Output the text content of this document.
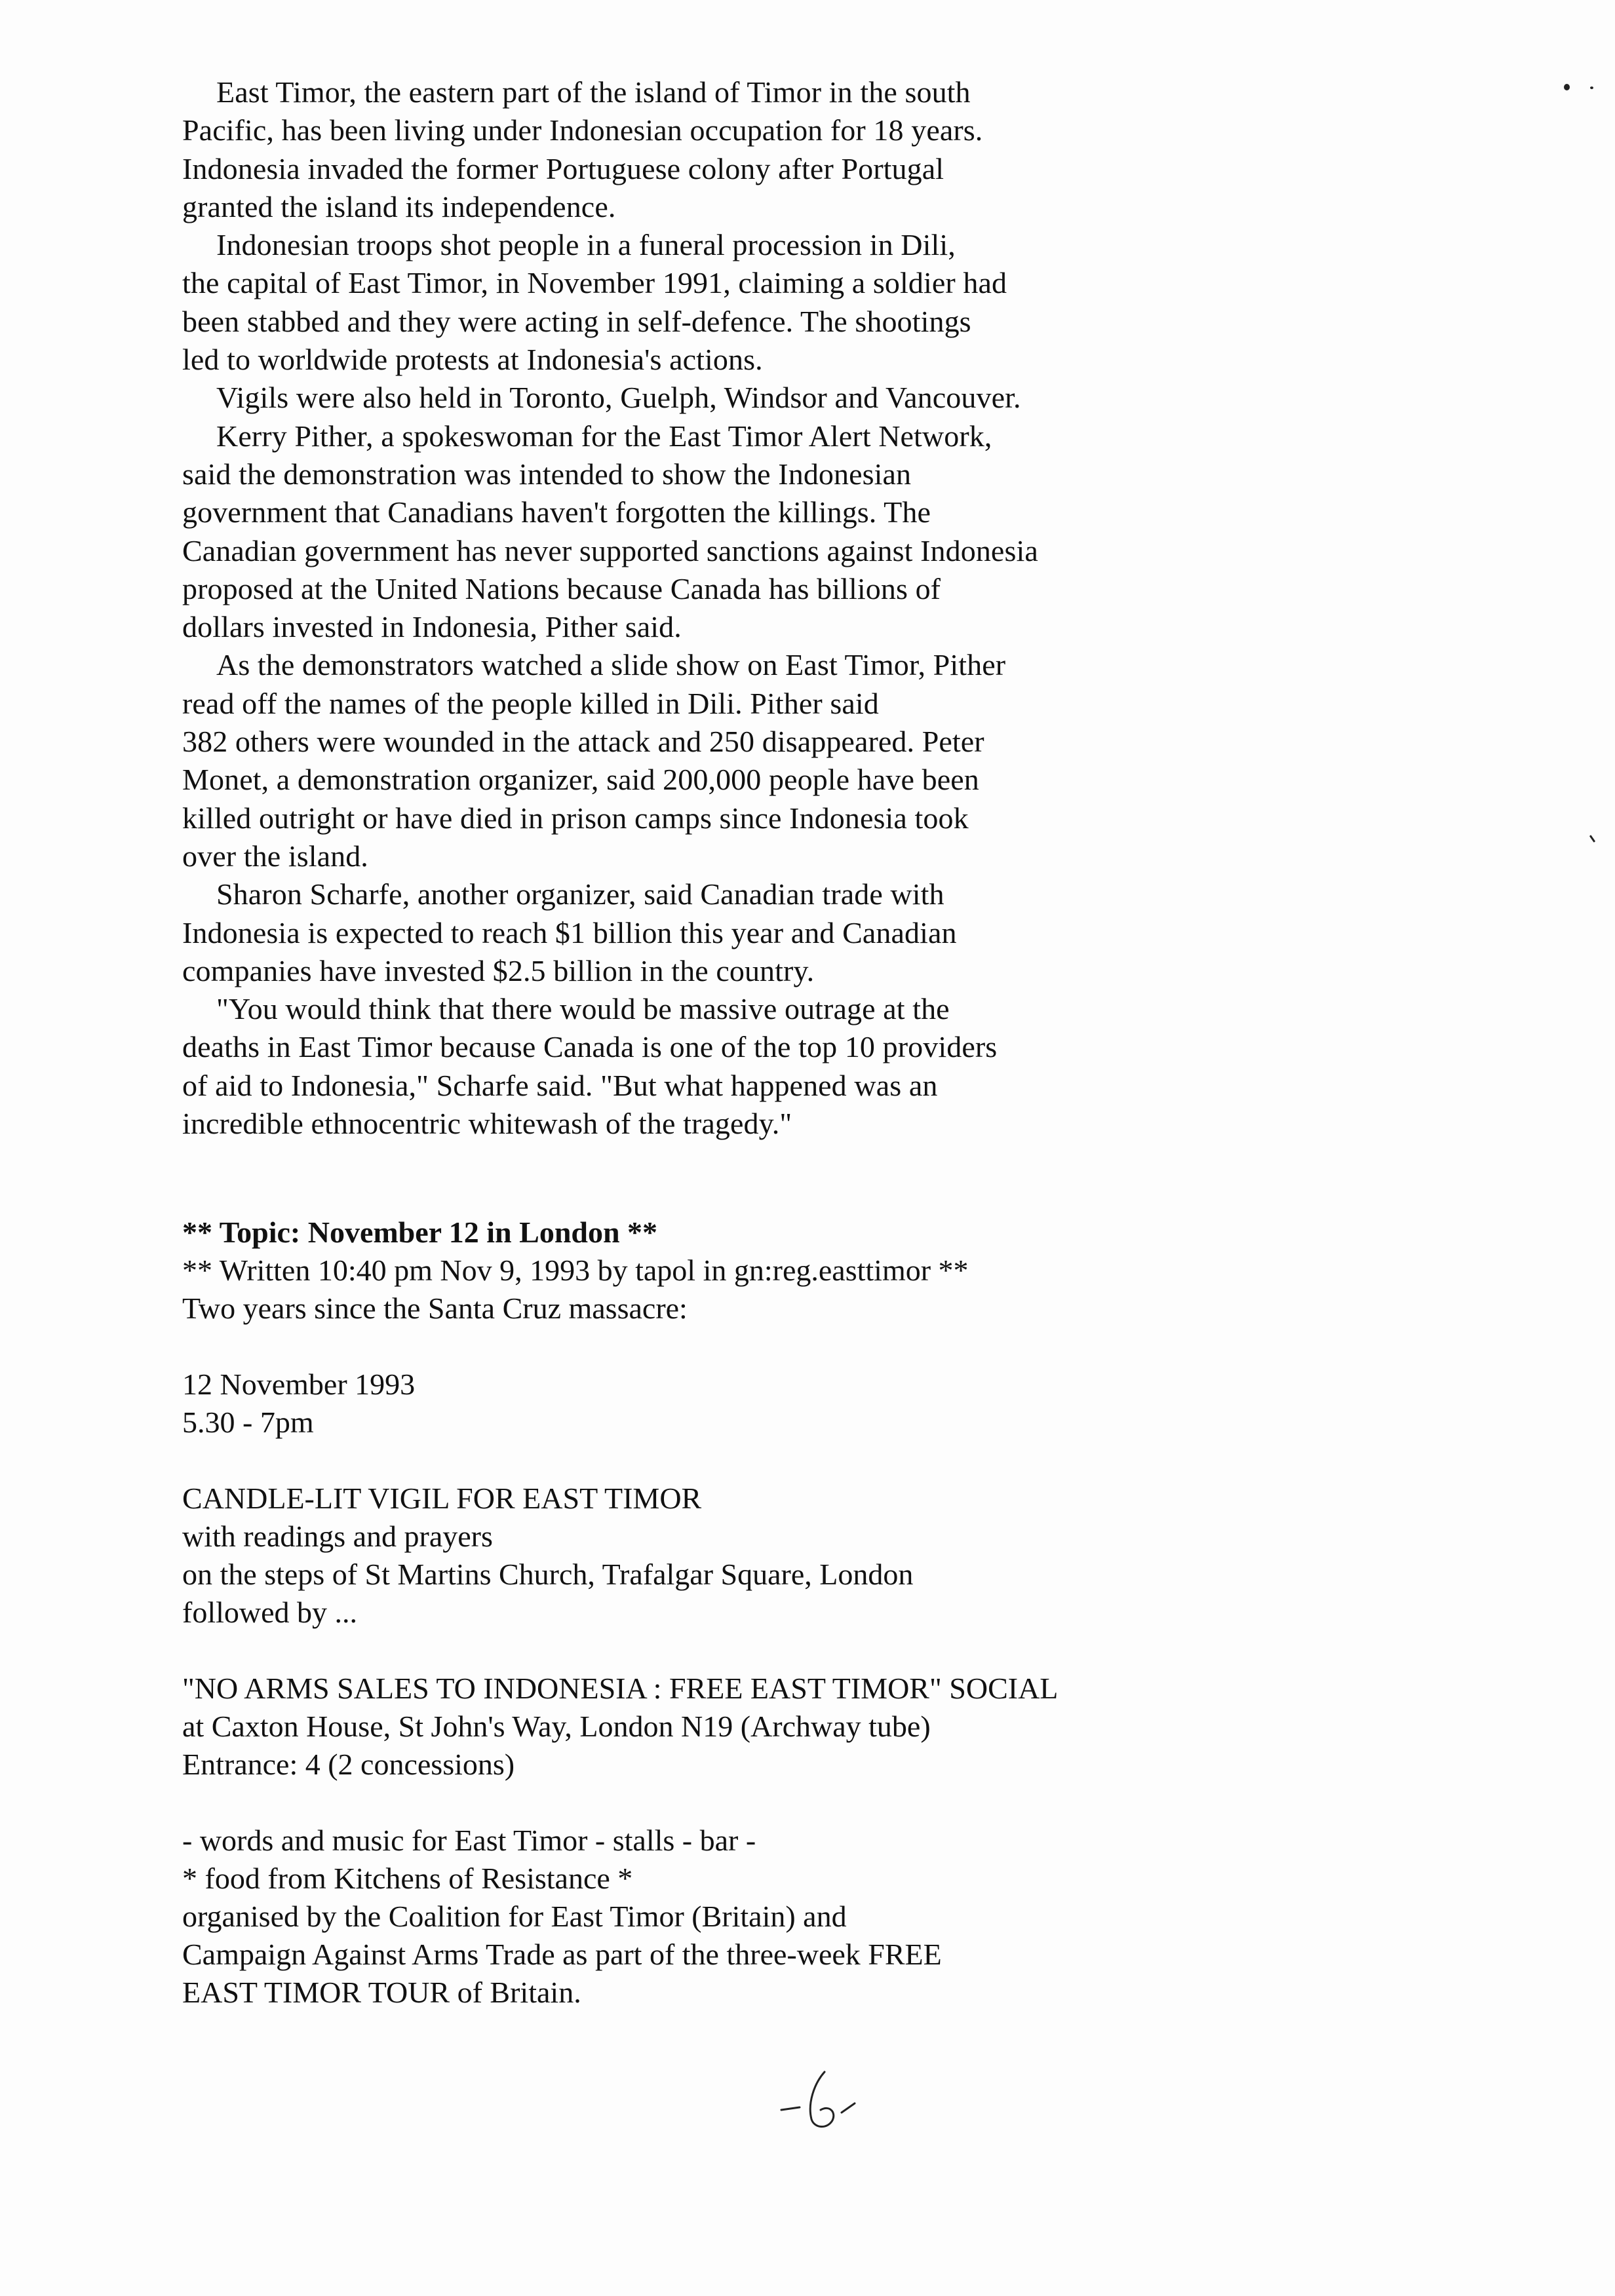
East Timor, the eastern part of the island of Timor in the south
Pacific, has been living under Indonesian occupation for 18 years.
Indonesia invaded the former Portuguese colony after Portugal
granted the island its independence.
Indonesian troops shot people in a funeral procession in Dili,
the capital of East Timor, in November 1991, claiming a soldier had
been stabbed and they were acting in self-defence. The shootings
led to worldwide protests at Indonesia's actions.
Vigils were also held in Toronto, Guelph, Windsor and Vancouver.
Kerry Pither, a spokeswoman for the East Timor Alert Network,
said the demonstration was intended to show the Indonesian
government that Canadians haven't forgotten the killings. The
Canadian government has never supported sanctions against Indonesia
proposed at the United Nations because Canada has billions of
dollars invested in Indonesia, Pither said.
As the demonstrators watched a slide show on East Timor, Pither
read off the names of the people killed in Dili. Pither said
382 others were wounded in the attack and 250 disappeared. Peter
Monet, a demonstration organizer, said 200,000 people have been
killed outright or have died in prison camps since Indonesia took
over the island.
Sharon Scharfe, another organizer, said Canadian trade with
Indonesia is expected to reach $1 billion this year and Canadian
companies have invested $2.5 billion in the country.
"You would think that there would be massive outrage at the
deaths in East Timor because Canada is one of the top 10 providers
of aid to Indonesia," Scharfe said. "But what happened was an
incredible ethnocentric whitewash of the tragedy."
** Topic: November 12 in London **
** Written 10:40 pm Nov 9, 1993 by tapol in gn:reg.easttimor **
Two years since the Santa Cruz massacre:
12 November 1993
5.30 - 7pm
CANDLE-LIT VIGIL FOR EAST TIMOR
with readings and prayers
on the steps of St Martins Church, Trafalgar Square, London
followed by ...
"NO ARMS SALES TO INDONESIA : FREE EAST TIMOR" SOCIAL
at Caxton House, St John's Way, London N19 (Archway tube)
Entrance: 4 (2 concessions)
- words and music for East Timor - stalls - bar -
* food from Kitchens of Resistance *
organised by the Coalition for East Timor (Britain) and
Campaign Against Arms Trade as part of the three-week FREE
EAST TIMOR TOUR of Britain.
